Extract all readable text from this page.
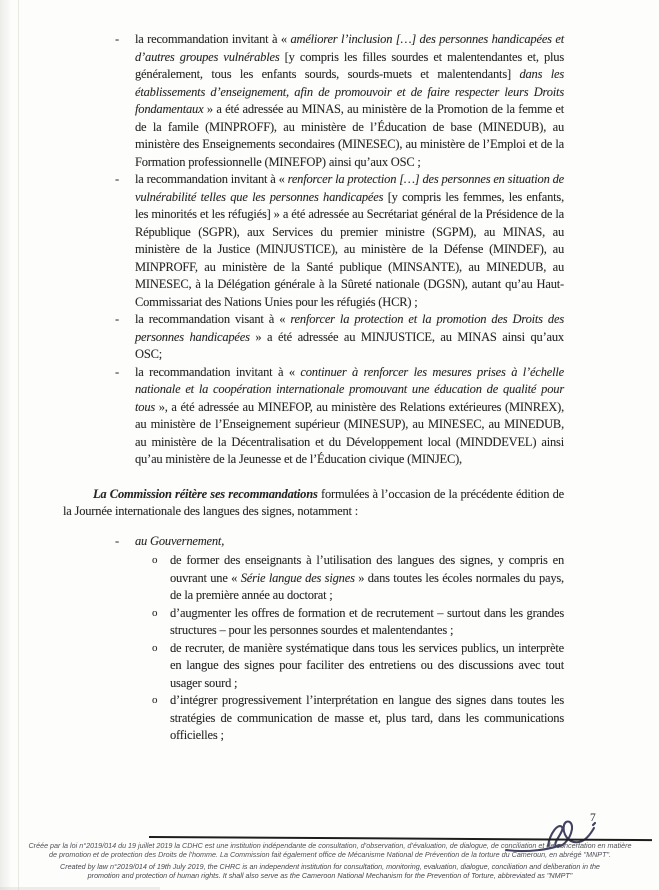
-	la recommandation invitant à « améliorer l’inclusion […] des personnes handicapées et d’autres groupes vulnérables [y compris les filles sourdes et malentendantes et, plus généralement, tous les enfants sourds, sourds-muets et malentendants] dans les établissements d’enseignement, afin de promouvoir et de faire respecter leurs Droits fondamentaux » a été adressée au MINAS, au ministère de la Promotion de la femme et de la famile (MINPROFF), au ministère de l’Éducation de base (MINEDUB), au ministère des Enseignements secondaires (MINESEC), au ministère de l’Emploi et de la Formation professionnelle (MINEFOP) ainsi qu’aux OSC ;
-	la recommandation invitant à « renforcer la protection […] des personnes en situation de vulnérabilité telles que les personnes handicapées [y compris les femmes, les enfants, les minorités et les réfugiés] » a été adressée au Secrétariat général de la Présidence de la République (SGPR), aux Services du premier ministre (SGPM), au MINAS, au ministère de la Justice (MINJUSTICE), au ministère de la Défense (MINDEF), au MINPROFF, au ministère de la Santé publique (MINSANTE), au MINEDUB, au MINESEC, à la Délégation générale à la Sûreté nationale (DGSN), autant qu’au Haut-Commissariat des Nations Unies pour les réfugiés (HCR) ;
-	la recommandation visant à « renforcer la protection et la promotion des Droits des personnes handicapées » a été adressée au MINJUSTICE, au MINAS ainsi qu’aux OSC;
-	la recommandation invitant à « continuer à renforcer les mesures prises à l’échelle nationale et la coopération internationale promouvant une éducation de qualité pour tous », a été adressée au MINEFOP, au ministère des Relations extérieures (MINREX), au ministère de l’Enseignement supérieur (MINESUP), au MINESEC, au MINEDUB, au ministère de la Décentralisation et du Développement local (MINDDEVEL) ainsi qu’au ministère de la Jeunesse et de l’Éducation civique (MINJEC),

La Commission réitère ses recommandations formulées à l’occasion de la précédente édition de la Journée internationale des langues des signes, notamment :

-	au Gouvernement,
o	de former des enseignants à l’utilisation des langues des signes, y compris en ouvrant une « Série langue des signes » dans toutes les écoles normales du pays, de la première année au doctorat ;
o	d’augmenter les offres de formation et de recrutement – surtout dans les grandes structures – pour les personnes sourdes et malentendantes ;
o	de recruter, de manière systématique dans tous les services publics, un interprète en langue des signes pour faciliter des entretiens ou des discussions avec tout usager sourd ;
o	d’intégrer progressivement l’interprétation en langue des signes dans toutes les stratégies de communication de masse et, plus tard, dans les communications officielles ;
7
Créée par la loi n°2019/014 du 19 juillet 2019 la CDHC est une institution indépendante de consultation, d’observation, d’évaluation, de dialogue, de conciliation et de concertation en matière de promotion et de protection des Droits de l’homme. La Commission fait également office de Mécanisme National de Prévention de la torture du Cameroun, en abrégé "MNPT".
Created by law n°2019/014 of 19th July 2019, the CHRC is an independent institution for consultation, monitoring, evaluation, dialogue, conciliation and deliberation in the promotion and protection of human rights. It shall also serve as the Cameroon National Mechanism for the Prevention of Torture, abbreviated as "NMPT"
